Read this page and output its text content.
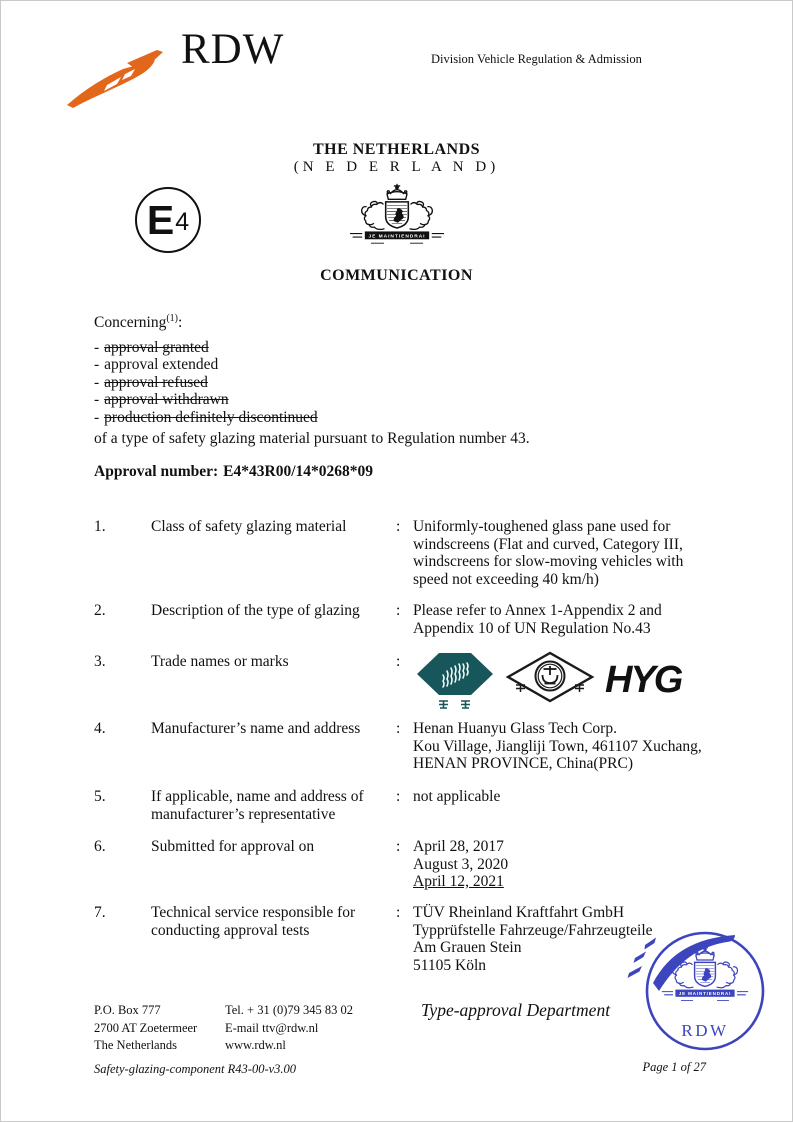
RDW	Division Vehicle Regulation & Admission
THE NETHERLANDS
(N E D E R L A N D)
COMMUNICATION
E 4
Concerning$^{(1)}$:
- approval granted
- approval extended
- approval refused
- approval withdrawn
- production definitely discontinued
of a type of safety glazing material pursuant to Regulation number 43.
Approval number: E4*43R00/14*0268*09
1.	Class of safety glazing material	: Uniformly-toughened glass pane used for
windscreens (Flat and curved, Category III,
windscreens for slow-moving vehicles with
speed not exceeding 40 km/h)
2.	Description of the type of glazing	: Please refer to Annex 1-Appendix 2 and
Appendix 10 of UN Regulation No.43
3.	Trade names or marks	:	HYG
4.	Manufacturer’s name and address	: Henan Huanyu Glass Tech Corp.
Kou Village, Jiangliji Town, 461107 Xuchang,
HENAN PROVINCE, China(PRC)
5.	If applicable, name and address of manufacturer’s representative
: not applicable
6.	Submitted for approval on	: April 28, 2017
August 3, 2020
April 12, 2021
7.	Technical service responsible for conducting approval tests
: TÜV Rheinland Kraftfahrt GmbH
Typprüfstelle Fahrzeuge/Fahrzeugteile
Am Grauen Stein
51105 Köln
P.O. Box 777
2700 AT Zoetermeer
The Netherlands
Tel. + 31 (0)79 345 83 02
E-mail ttv@rdw.nl
www.rdw.nl
Type-approval Department
Safety-glazing-component R43-00-v3.00	Page 1 of 27
RDW
